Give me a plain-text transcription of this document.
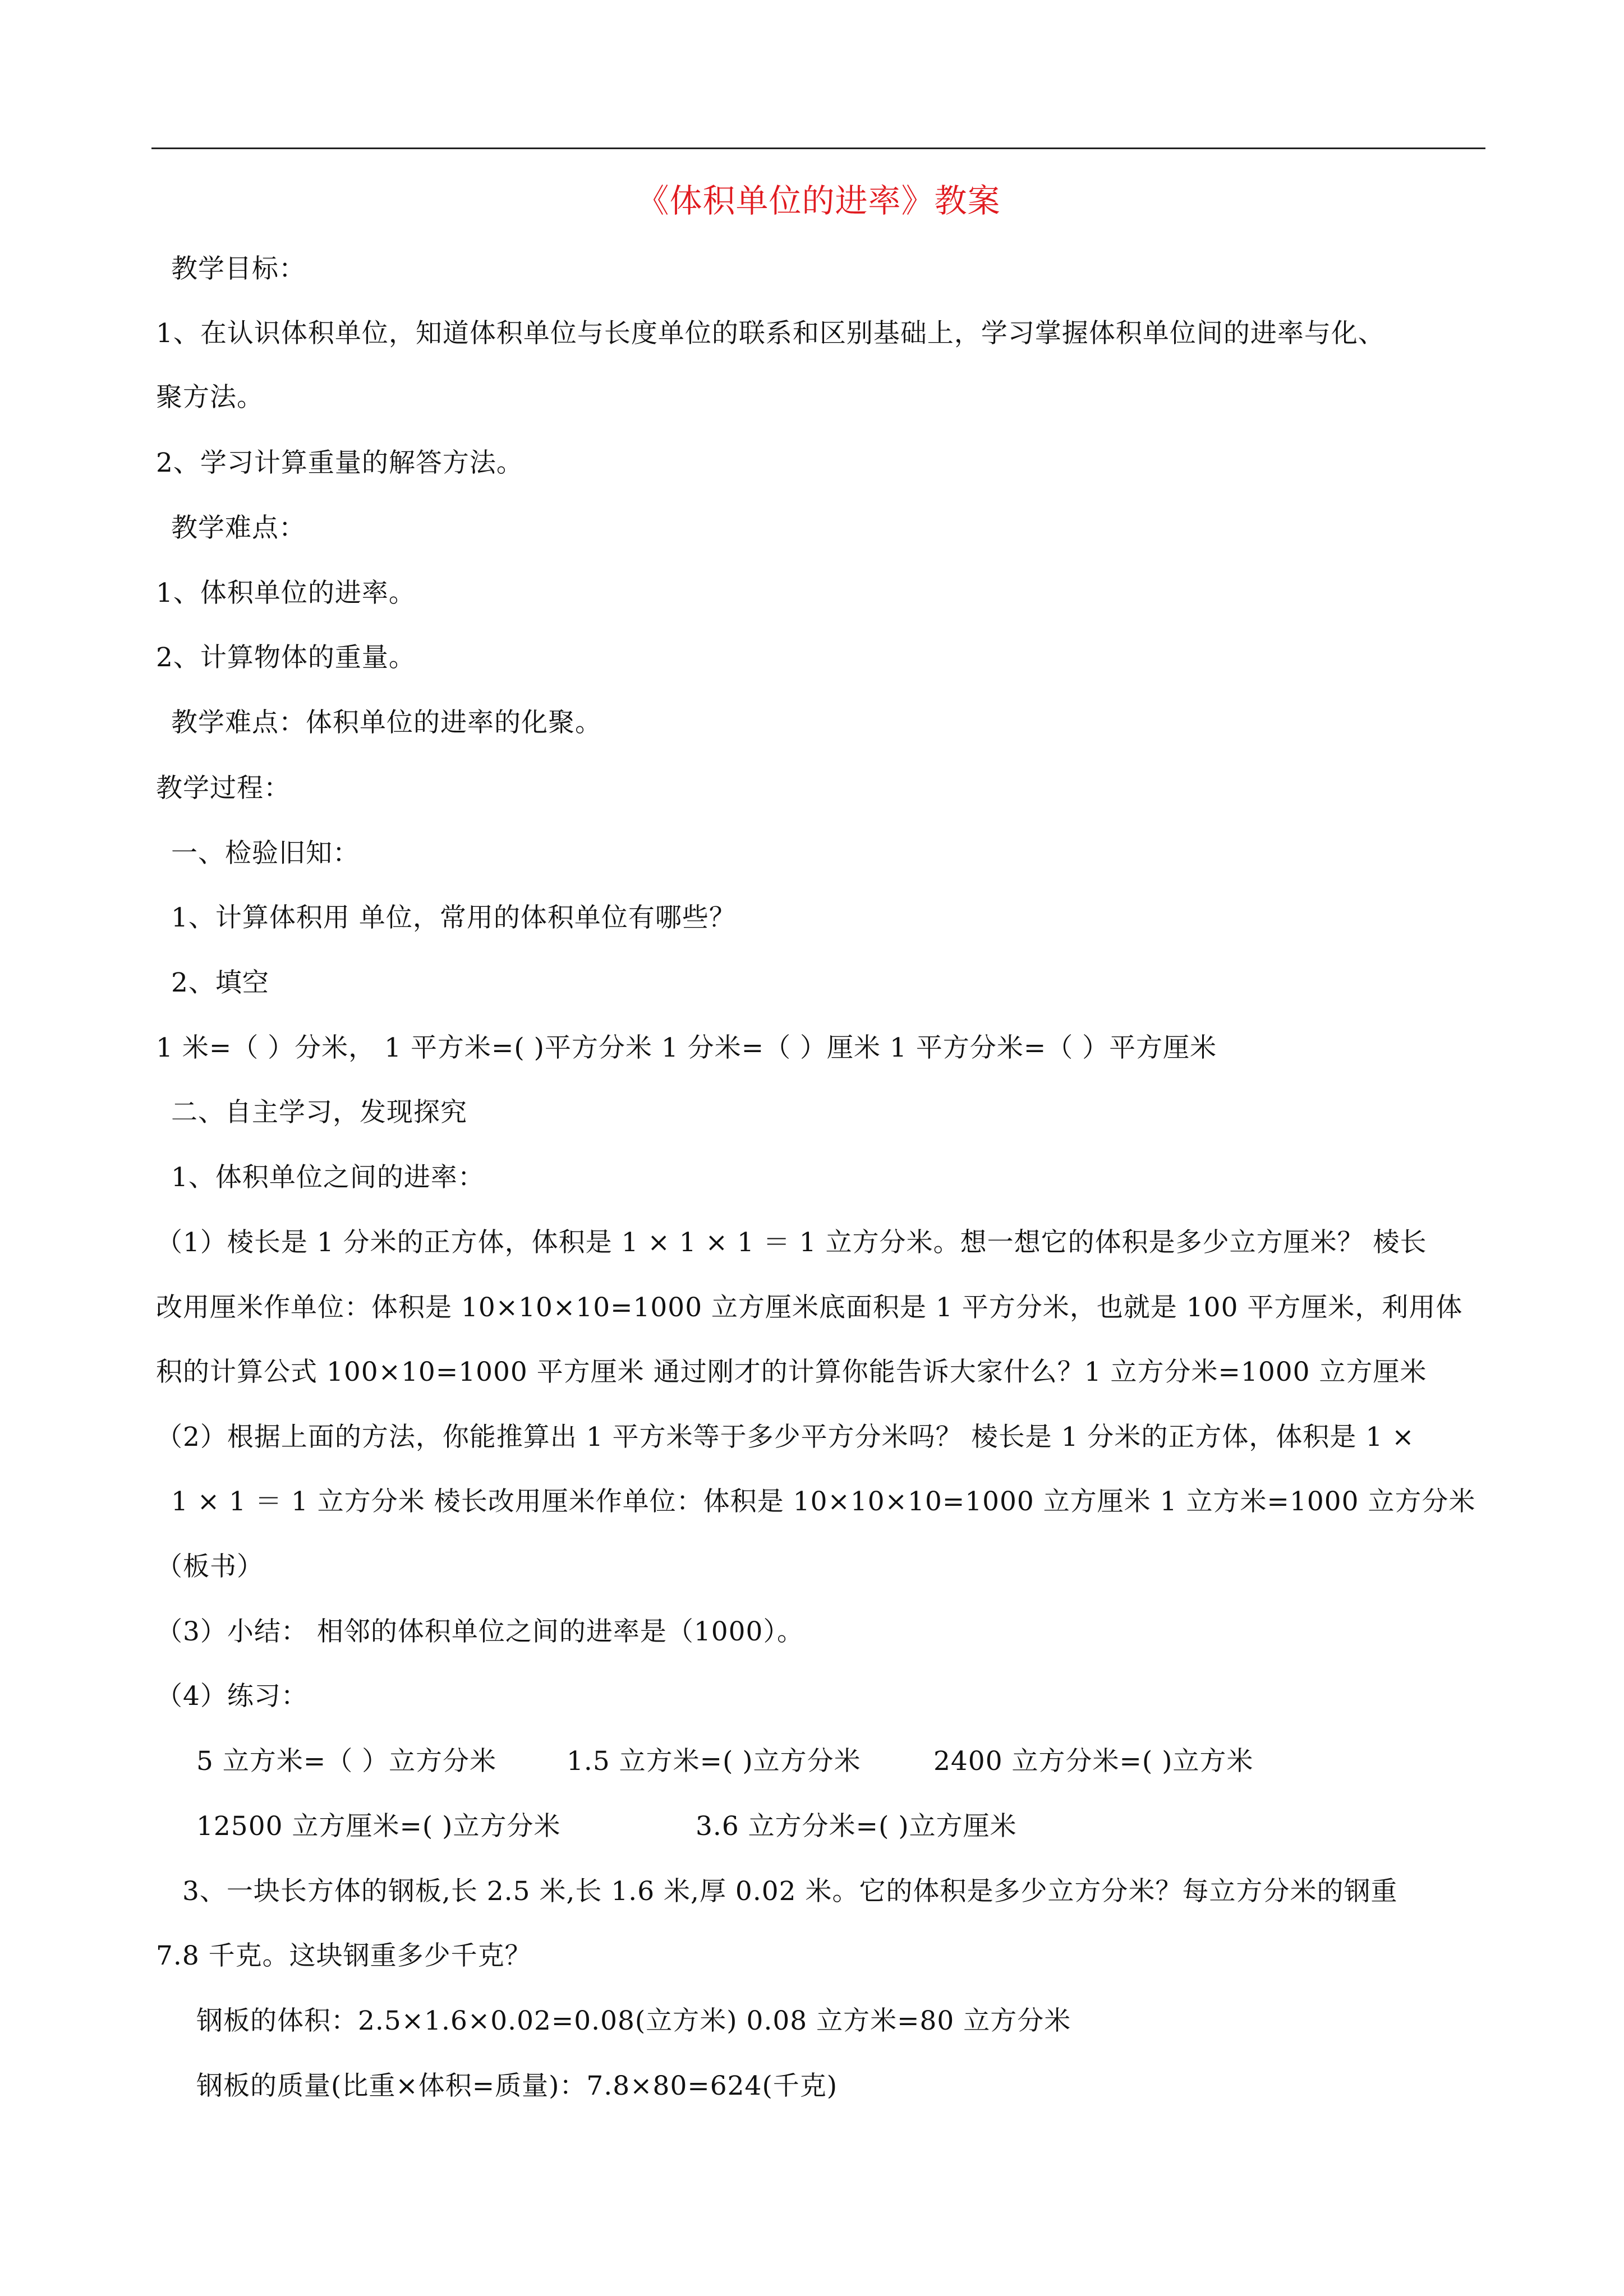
《体积单位的进率》教案
教学目标：
1、在认识体积单位，知道体积单位与长度单位的联系和区别基础上，学习掌握体积单位间的进率与化、
聚方法。
2、学习计算重量的解答方法。
教学难点：
1、体积单位的进率。
2、计算物体的重量。
教学难点：体积单位的进率的化聚。
教学过程：
一、检验旧知：
1、计算体积用 单位，常用的体积单位有哪些？
2、填空
1 米=（ ）分米， 1 平方米=( )平方分米 1 分米=（ ）厘米 1 平方分米=（ ）平方厘米
二、自主学习，发现探究
1、体积单位之间的进率：
（1）棱长是 1 分米的正方体，体积是 1 × 1 × 1 ＝ 1 立方分米。想一想它的体积是多少立方厘米？ 棱长
改用厘米作单位：体积是 10×10×10=1000 立方厘米底面积是 1 平方分米，也就是 100 平方厘米，利用体
积的计算公式 100×10=1000 平方厘米 通过刚才的计算你能告诉大家什么？1 立方分米=1000 立方厘米
（2）根据上面的方法，你能推算出 1 平方米等于多少平方分米吗？ 棱长是 1 分米的正方体，体积是 1 ×
1 × 1 ＝ 1 立方分米 棱长改用厘米作单位：体积是 10×10×10=1000 立方厘米 1 立方米=1000 立方分米
（板书）
（3）小结： 相邻的体积单位之间的进率是（1000）。
（4）练习：
5 立方米=（ ）立方分米	1.5 立方米=( )立方分米	2400 立方分米=( )立方米
12500 立方厘米=( )立方分米	3.6 立方分米=( )立方厘米
3、一块长方体的钢板,长 2.5 米,长 1.6 米,厚 0.02 米。它的体积是多少立方分米？每立方分米的钢重
7.8 千克。这块钢重多少千克？
钢板的体积：2.5×1.6×0.02=0.08(立方米) 0.08 立方米=80 立方分米
钢板的质量(比重×体积=质量)：7.8×80=624(千克)
